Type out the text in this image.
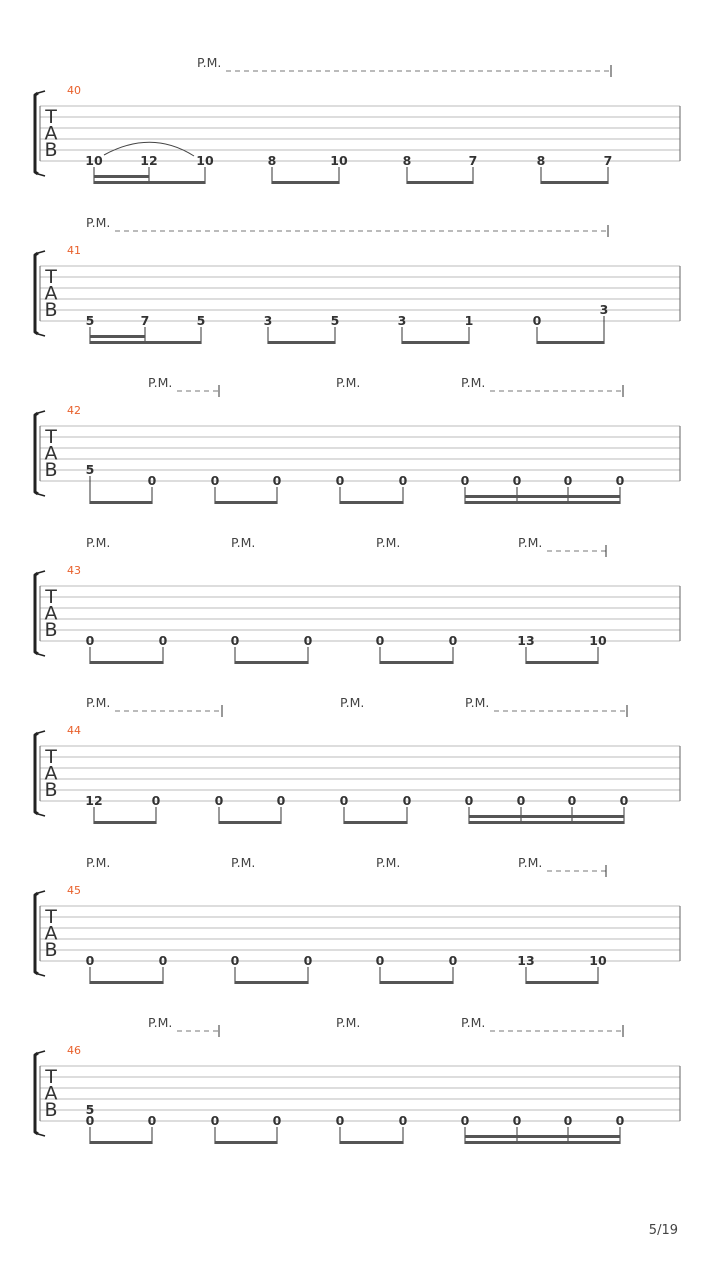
T
A
B
40
P.M.
10	12	10	8	10	8	7	8	7
T
A
B
41
P.M.
5	7	5	3	5	3	1	0
3
T
A
B
42
P.M.	P.M.	P.M.
5
0	0	0	0	0	0	0	0	0
T
A
B
43
P.M.	P.M.	P.M.	P.M.
0	0	0	0	0	0	13	10
T
A
B
44
P.M.	P.M.	P.M.
12	0	0	0	0	0	0	0	0	0
T
A
B
45
P.M.	P.M.	P.M.	P.M.
0	0	0	0	0	0	13	10
T
A
B
46
P.M.	P.M.	P.M.
5
0	0	0	0	0	0	0	0	0	0
5/19
